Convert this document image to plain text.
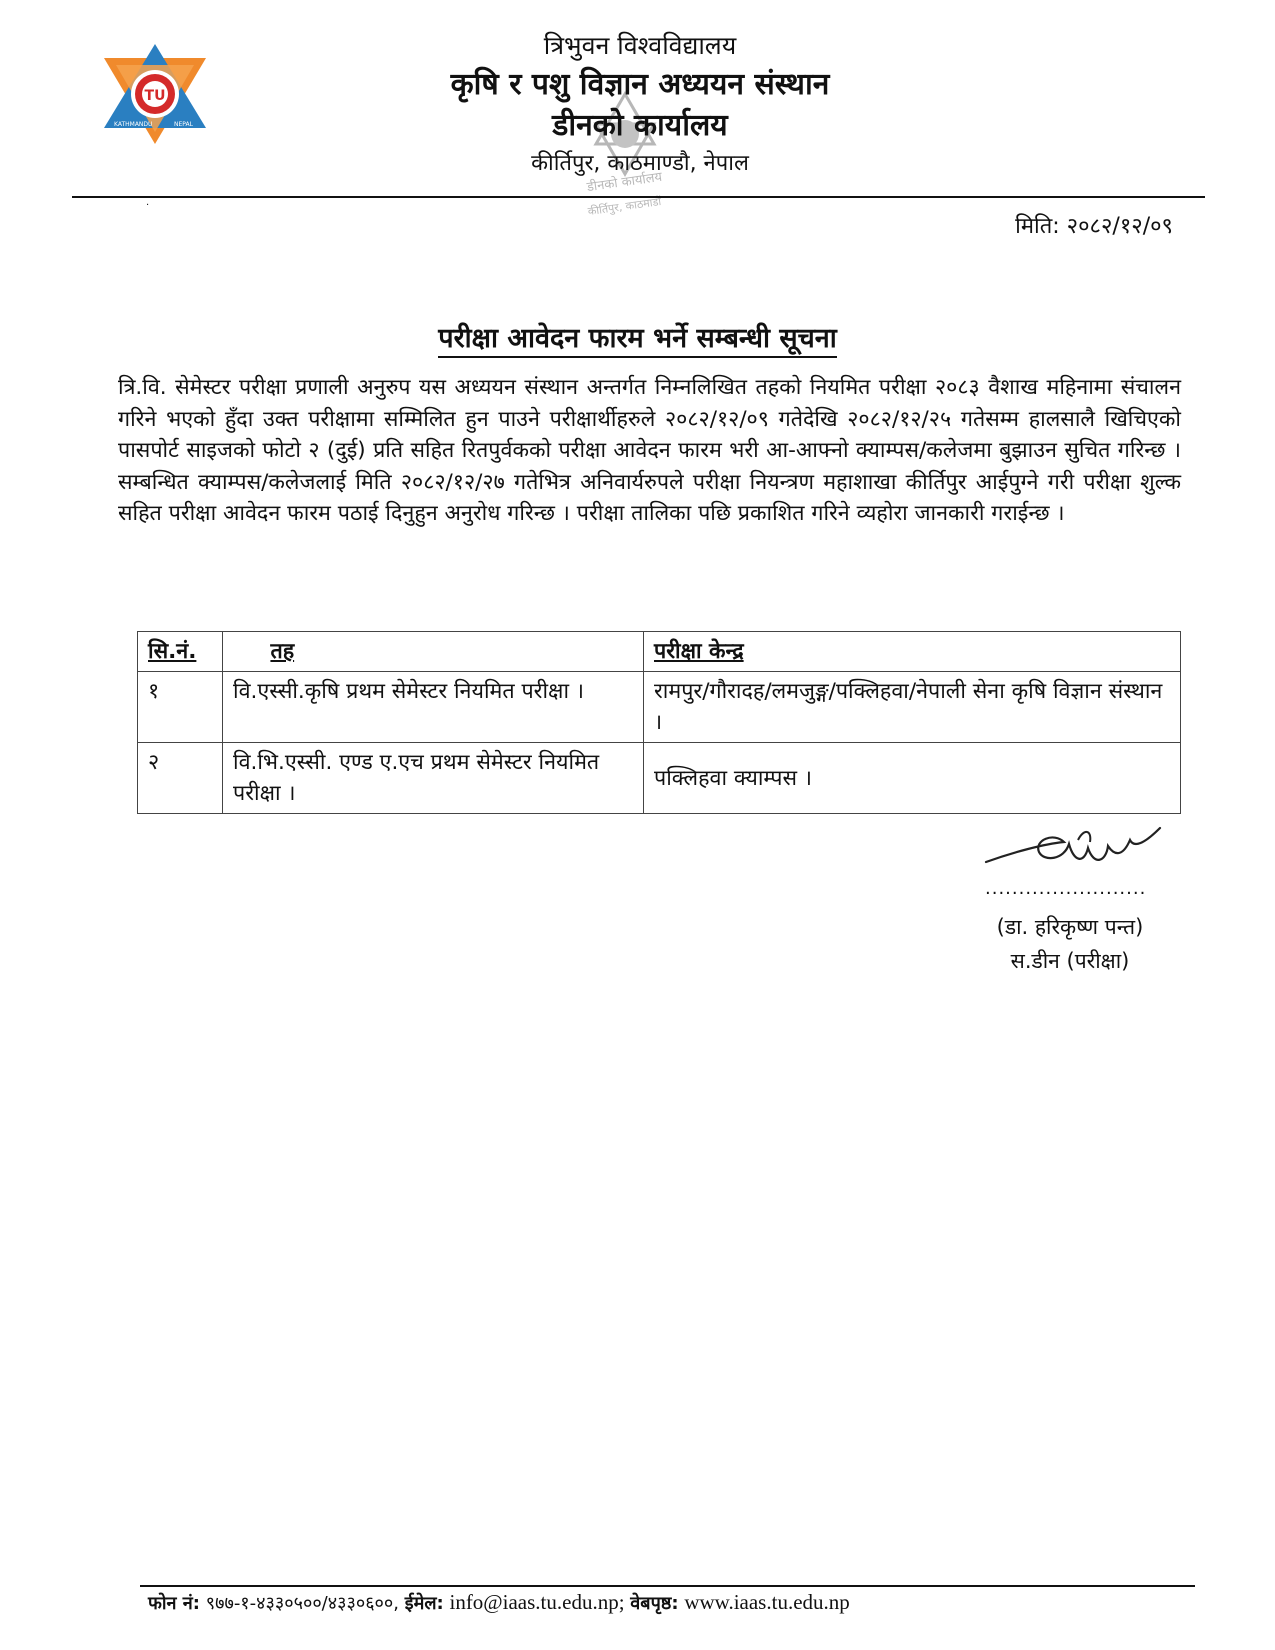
TU
KATHMANDU	NEPAL
डीनको कार्यालय
कीर्तिपुर, काठमाडौं
त्रिभुवन विश्वविद्यालय
कृषि र पशु विज्ञान अध्ययन संस्थान
डीनको कार्यालय
कीर्तिपुर, काठमाण्डौ, नेपाल
·
मिति: २०८२/१२/०९
परीक्षा आवेदन फारम भर्ने सम्बन्धी सूचना
त्रि.वि. सेमेस्टर परीक्षा प्रणाली अनुरुप यस अध्ययन संस्थान अन्तर्गत निम्नलिखित तहको नियमित परीक्षा २०८३ वैशाख महिनामा संचालन गरिने भएको हुँदा उक्त परीक्षामा सम्मिलित हुन पाउने परीक्षार्थीहरुले २०८२/१२/०९ गतेदेखि २०८२/१२/२५ गतेसम्म हालसालै खिचिएको पासपोर्ट साइजको फोटो २ (दुई) प्रति सहित रितपुर्वकको परीक्षा आवेदन फारम भरी आ-आफ्नो क्याम्पस/कलेजमा बुझाउन सुचित गरिन्छ । सम्बन्धित क्याम्पस/कलेजलाई मिति २०८२/१२/२७ गतेभित्र अनिवार्यरुपले परीक्षा नियन्त्रण महाशाखा कीर्तिपुर आईपुग्ने गरी परीक्षा शुल्क सहित परीक्षा आवेदन फारम पठाई दिनुहुन अनुरोध गरिन्छ । परीक्षा तालिका पछि प्रकाशित गरिने व्यहोरा जानकारी गराईन्छ ।
सि.नं.	तह	परीक्षा केन्द्र
१	वि.एस्सी.कृषि प्रथम सेमेस्टर नियमित परीक्षा ।	रामपुर/गौरादह/लमजुङ्ग/पक्लिहवा/नेपाली सेना कृषि विज्ञान संस्थान ।
२	वि.भि.एस्सी. एण्ड ए.एच प्रथम सेमेस्टर नियमित परीक्षा ।	पक्लिहवा क्याम्पस ।
........................
(डा. हरिकृष्ण पन्त)
स.डीन (परीक्षा)
फोन नं: ९७७-१-४३३०५००/४३३०६००, ईमेल: info@iaas.tu.edu.np; वेबपृष्ठ: www.iaas.tu.edu.np
